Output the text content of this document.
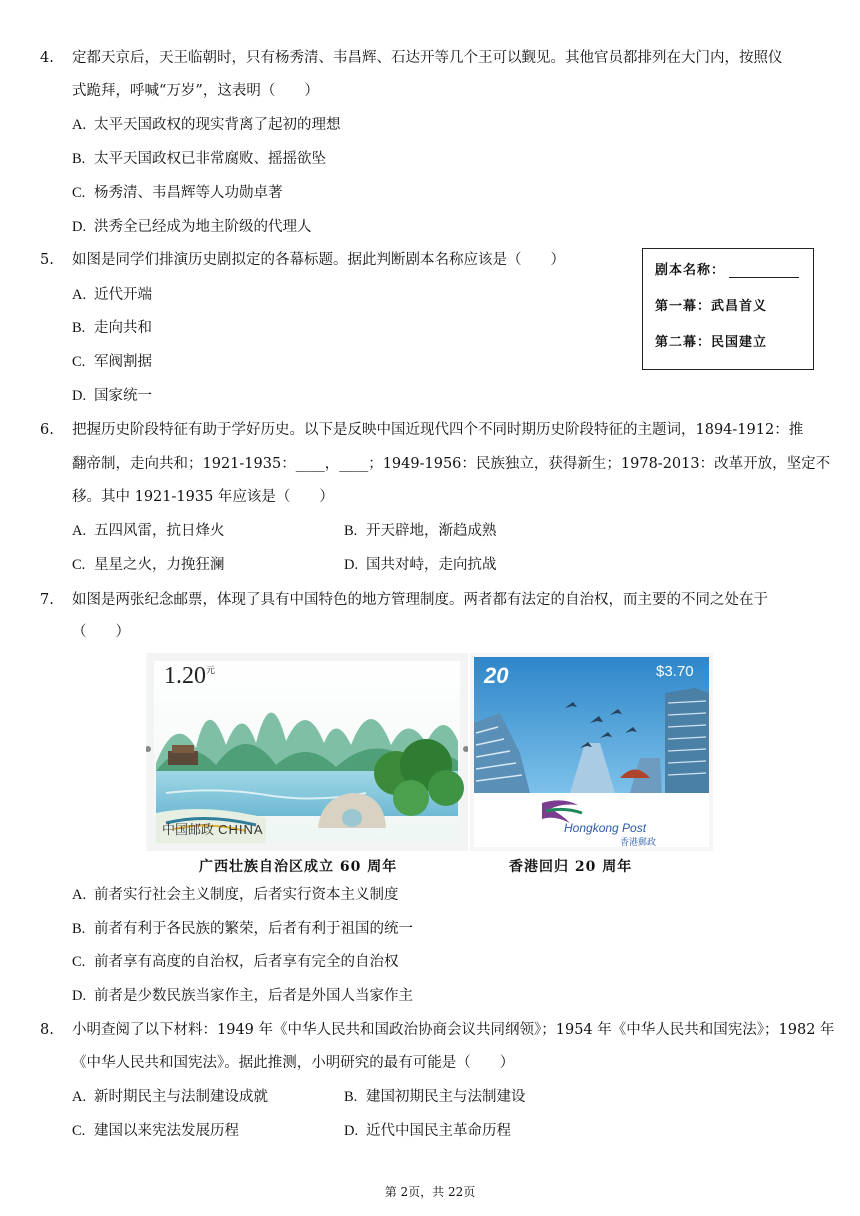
4. 定都天京后，天王临朝时，只有杨秀清、韦昌辉、石达开等几个王可以觐见。其他官员都排列在大门内，按照仪
式跪拜，呼喊“万岁”，这表明（　　）
A. 太平天国政权的现实背离了起初的理想
B. 太平天国政权已非常腐败、摇摇欲坠
C. 杨秀清、韦昌辉等人功勋卓著
D. 洪秀全已经成为地主阶级的代理人
5. 如图是同学们排演历史剧拟定的各幕标题。据此判断剧本名称应该是（　　）
A. 近代开端
B. 走向共和
C. 军阀割据
D. 国家统一
剧本名称：
第一幕：武昌首义
第二幕：民国建立
6. 把握历史阶段特征有助于学好历史。以下是反映中国近现代四个不同时期历史阶段特征的主题词，1894-1912：推
翻帝制，走向共和；1921-1935：____，____；1949-1956：民族独立，获得新生；1978-2013：改革开放，坚定不
移。其中 1921-1935 年应该是（　　）
A. 五四风雷，抗日烽火	B. 开天辟地，渐趋成熟
C. 星星之火，力挽狂澜	D. 国共对峙，走向抗战
7. 如图是两张纪念邮票，体现了具有中国特色的地方管理制度。两者都有法定的自治权，而主要的不同之处在于
（　　）
$1.20^元$
中国邮政 CHINA
广西壮族自治区成立 60 周年
20	$3.70
Hongkong Post
香港郵政
香港回归 20 周年
A. 前者实行社会主义制度，后者实行资本主义制度
B. 前者有利于各民族的繁荣，后者有利于祖国的统一
C. 前者享有高度的自治权，后者享有完全的自治权
D. 前者是少数民族当家作主，后者是外国人当家作主
8. 小明查阅了以下材料：1949 年《中华人民共和国政治协商会议共同纲领》；1954 年《中华人民共和国宪法》；1982 年
《中华人民共和国宪法》。据此推测，小明研究的最有可能是（　　）
A. 新时期民主与法制建设成就	B. 建国初期民主与法制建设
C. 建国以来宪法发展历程	D. 近代中国民主革命历程
第 2页，共 22页
